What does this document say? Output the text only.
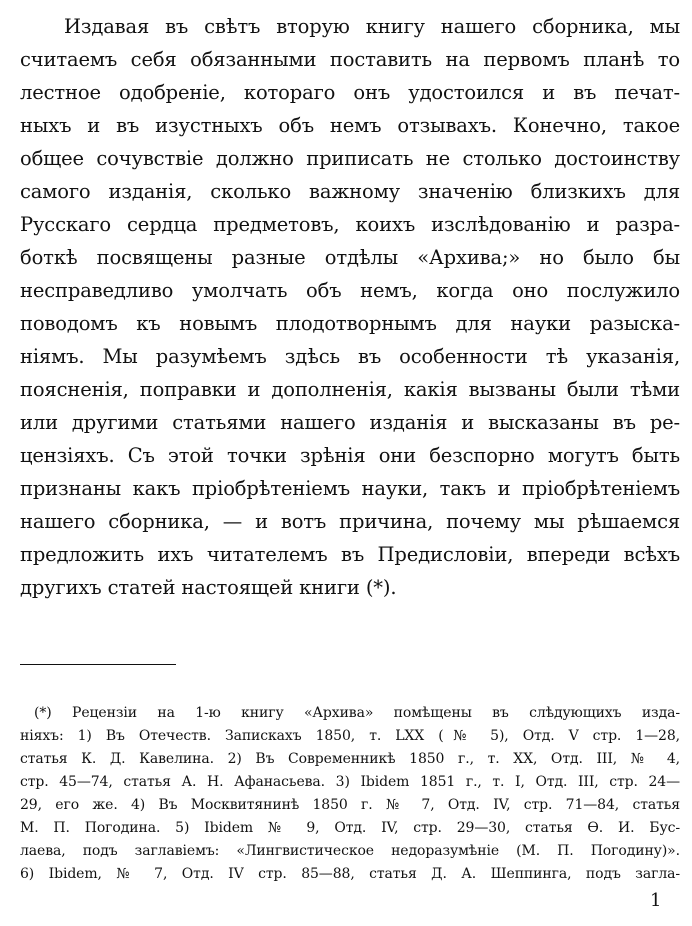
Издавая въ свѣтъ вторую книгу нашего сборника, мы
считаемъ себя обязанными поставить на первомъ планѣ то
лестное одобреніе, котораго онъ удостоился и въ печат-
ныхъ и въ изустныхъ объ немъ отзывахъ. Конечно, такое
общее сочувствіе должно приписать не столько достоинству
самого изданія, сколько важному значенію близкихъ для
Русскаго сердца предметовъ, коихъ изслѣдованію и разра-
боткѣ посвящены разные отдѣлы «Архива;» но было бы
несправедливо умолчать объ немъ, когда оно послужило
поводомъ къ новымъ плодотворнымъ для науки разыска-
ніямъ. Мы разумѣемъ здѣсь въ особенности тѣ указанія,
поясненія, поправки и дополненія, какія вызваны были тѣми
или другими статьями нашего изданія и высказаны въ ре-
цензіяхъ. Съ этой точки зрѣнія они безспорно могутъ быть
признаны какъ пріобрѣтеніемъ науки, такъ и пріобрѣтеніемъ
нашего сборника, — и вотъ причина, почему мы рѣшаемся
предложить ихъ читателемъ въ Предисловіи, впереди всѣхъ
другихъ статей настоящей книги (*).
(*) Рецензіи на 1-ю книгу «Архива» помѣщены въ слѣдующихъ изда-
ніяхъ: 1) Въ Отечеств. Запискахъ 1850, т. LXX (№ 5), Отд. V стр. 1—28,
статья К. Д. Кавелина. 2) Въ Современникѣ 1850 г., т. XX, Отд. III, № 4,
стр. 45—74, статья А. Н. Афанасьева. 3) Ibidem 1851 г., т. I, Отд. III, стр. 24—
29, его же. 4) Въ Москвитянинѣ 1850 г. № 7, Отд. IV, стр. 71—84, статья
М. П. Погодина. 5) Ibidem № 9, Отд. IV, стр. 29—30, статья Ѳ. И. Бус-
лаева, подъ заглавіемъ: «Лингвистическое недоразумѣніе (М. П. Погодину)».
6) Ibidem, № 7, Отд. IV стр. 85—88, статья Д. А. Шеппинга, подъ загла-
1
